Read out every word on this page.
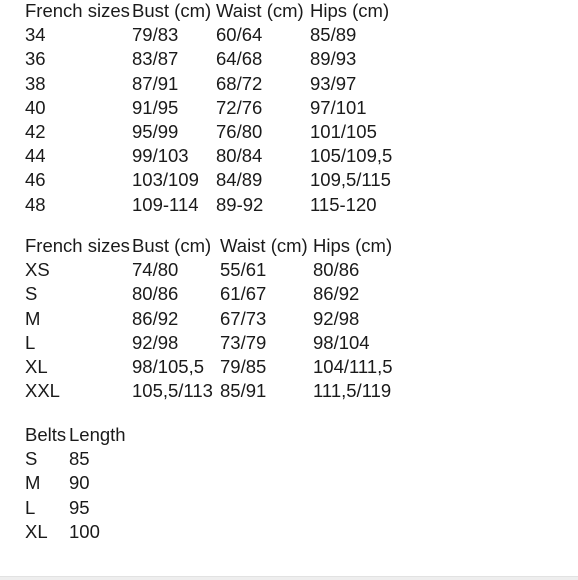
French sizes	Bust (cm)	Waist (cm)	Hips (cm)
34	79/83	60/64	85/89
36	83/87	64/68	89/93
38	87/91	68/72	93/97
40	91/95	72/76	97/101
42	95/99	76/80	101/105
44	99/103	80/84	105/109,5
46	103/109	84/89	109,5/115
48	109-114	89-92	115-120
French sizes	Bust (cm)	Waist (cm)	Hips (cm)
XS	74/80	55/61	80/86
S	80/86	61/67	86/92
M	86/92	67/73	92/98
L	92/98	73/79	98/104
XL	98/105,5	79/85	104/111,5
XXL	105,5/113	85/91	111,5/119
Belts	Length
S	85
M	90
L	95
XL	100
